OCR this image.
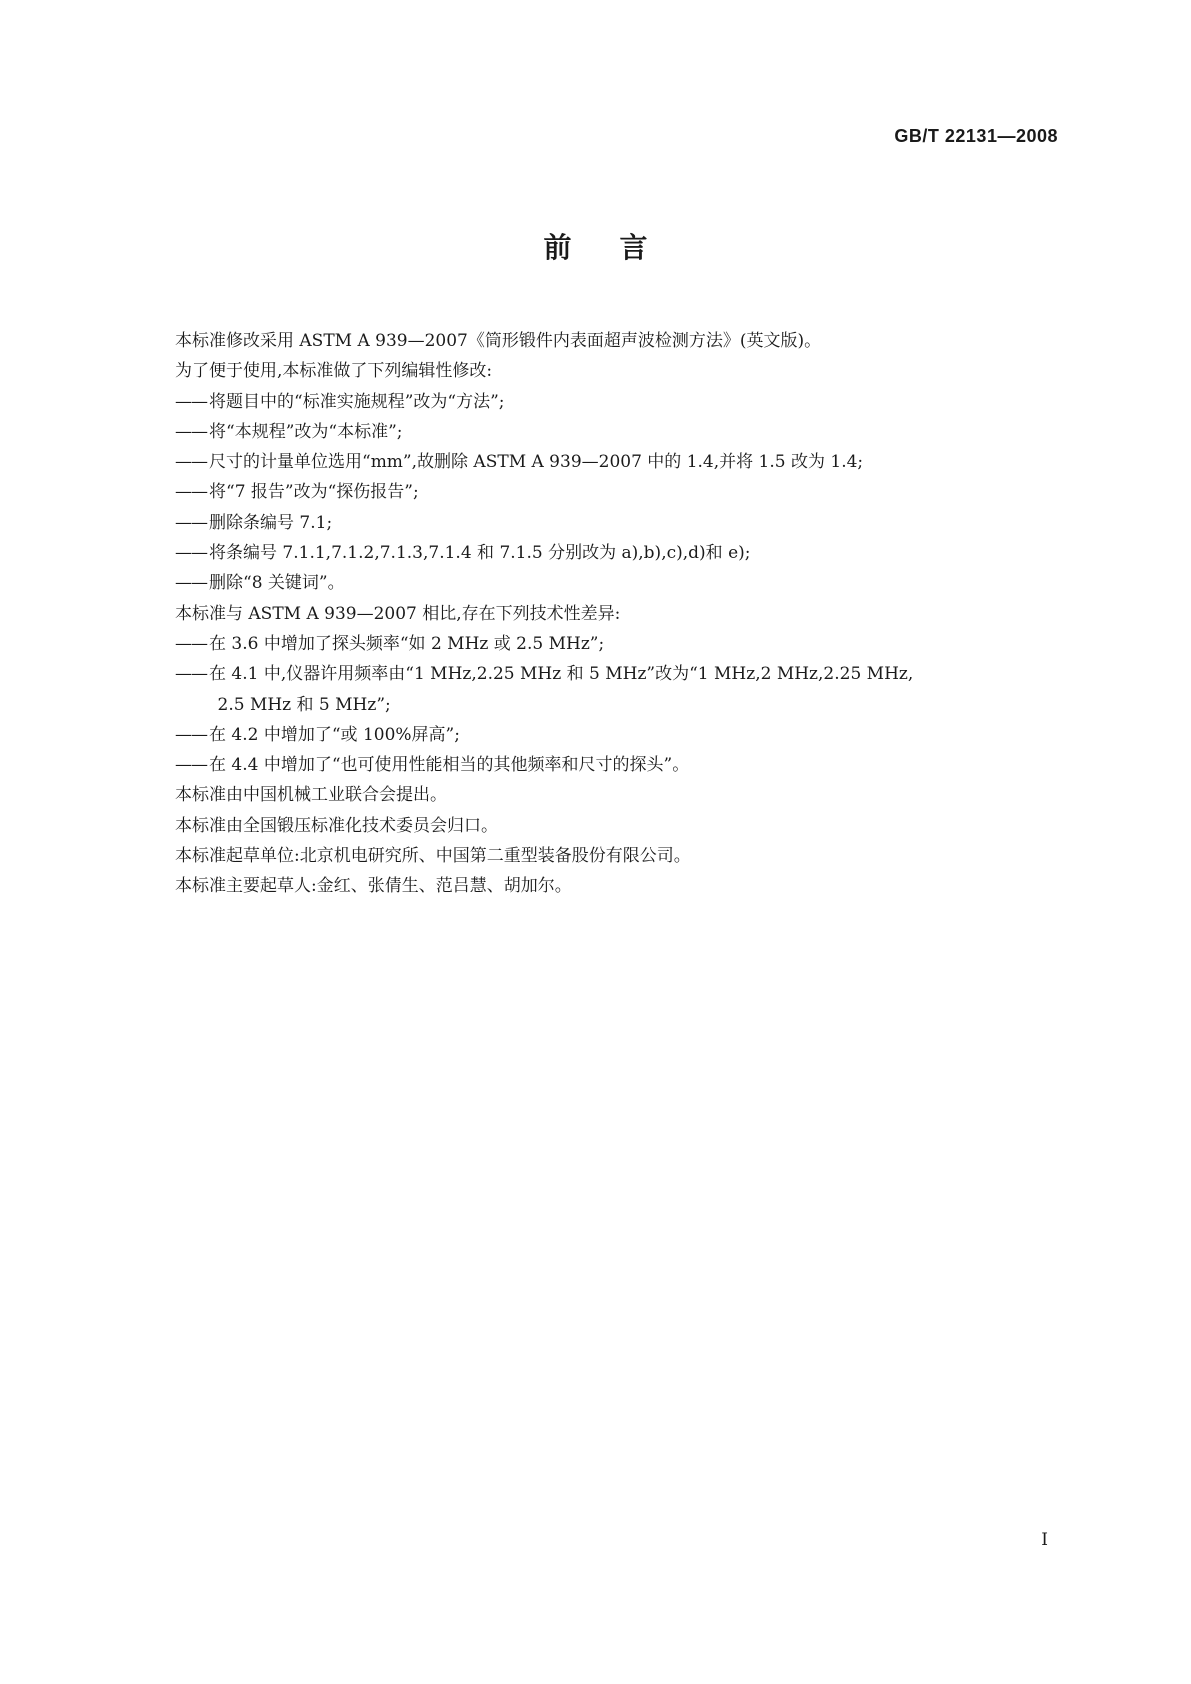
GB/T 22131—2008
前言
本标准修改采用 ASTM A 939—2007《筒形锻件内表面超声波检测方法》(英文版)。
为了便于使用,本标准做了下列编辑性修改:
—— 将题目中的“标准实施规程”改为“方法”;
—— 将“本规程”改为“本标准”;
—— 尺寸的计量单位选用“mm”,故删除 ASTM A 939—2007 中的 1.4,并将 1.5 改为 1.4;
—— 将“7 报告”改为“探伤报告”;
—— 删除条编号 7.1;
—— 将条编号 7.1.1,7.1.2,7.1.3,7.1.4 和 7.1.5 分别改为 a),b),c),d)和 e);
—— 删除“8 关键词”。
本标准与 ASTM A 939—2007 相比,存在下列技术性差异:
—— 在 3.6 中增加了探头频率“如 2 MHz 或 2.5 MHz”;
—— 在 4.1 中,仪器许用频率由“1 MHz,2.25 MHz 和 5 MHz”改为“1 MHz,2 MHz,2.25 MHz,
2.5 MHz 和 5 MHz”;
—— 在 4.2 中增加了“或 100%屏高”;
—— 在 4.4 中增加了“也可使用性能相当的其他频率和尺寸的探头”。
本标准由中国机械工业联合会提出。
本标准由全国锻压标准化技术委员会归口。
本标准起草单位:北京机电研究所、中国第二重型装备股份有限公司。
本标准主要起草人:金红、张倩生、范吕慧、胡加尔。
I
